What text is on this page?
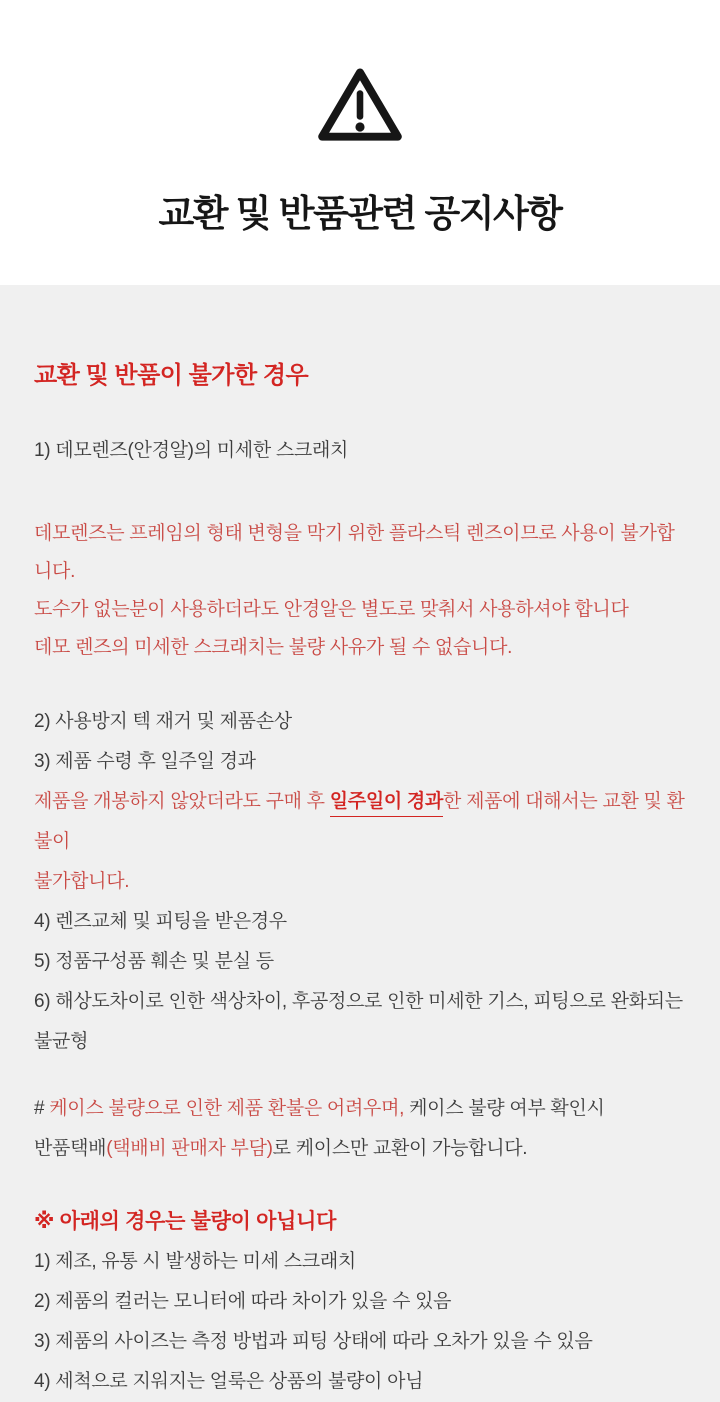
교환 및 반품관련 공지사항
교환 및 반품이 불가한 경우
1) 데모렌즈(안경알)의 미세한 스크래치
데모렌즈는 프레임의 형태 변형을 막기 위한 플라스틱 렌즈이므로 사용이 불가합니다.
도수가 없는분이 사용하더라도 안경알은 별도로 맞춰서 사용하셔야 합니다
데모 렌즈의 미세한 스크래치는 불량 사유가 될 수 없습니다.
2) 사용방지 텍 재거 및 제품손상
3) 제품 수령 후 일주일 경과
제품을 개봉하지 않았더라도 구매 후 일주일이 경과한 제품에 대해서는 교환 및 환불이
불가합니다.
4) 렌즈교체 및 피팅을 받은경우
5) 정품구성품 훼손 및 분실 등
6) 해상도차이로 인한 색상차이, 후공정으로 인한 미세한 기스, 피팅으로 완화되는 불균형
# 케이스 불량으로 인한 제품 환불은 어려우며, 케이스 불량 여부 확인시
반품택배(택배비 판매자 부담)로 케이스만 교환이 가능합니다.
※ 아래의 경우는 불량이 아닙니다
1) 제조, 유통 시 발생하는 미세 스크래치
2) 제품의 컬러는 모니터에 따라 차이가 있을 수 있음
3) 제품의 사이즈는 측정 방법과 피팅 상태에 따라 오차가 있을 수 있음
4) 세척으로 지워지는 얼룩은 상품의 불량이 아님
